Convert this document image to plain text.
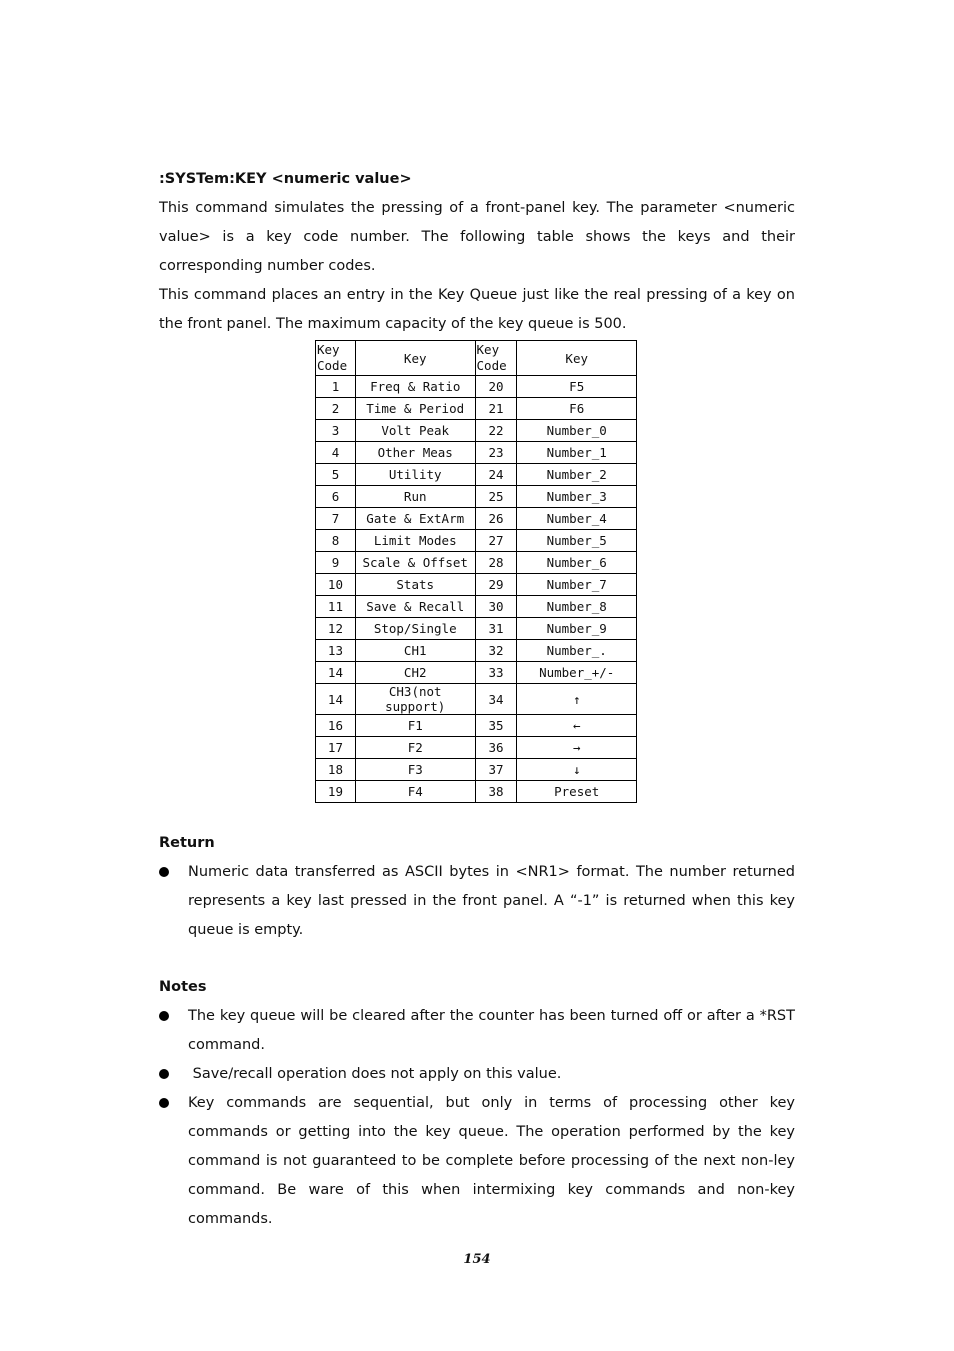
:SYSTem:KEY <numeric value>
This command simulates the pressing of a front-panel key. The parameter <numeric value> is a key code number. The following table shows the keys and their corresponding number codes.
This command places an entry in the Key Queue just like the real pressing of a key on the front panel. The maximum capacity of the key queue is 500.
Key Code	Key	Key Code	Key
1	Freq & Ratio	20	F5
2	Time & Period	21	F6
3	Volt Peak	22	Number_0
4	Other Meas	23	Number_1
5	Utility	24	Number_2
6	Run	25	Number_3
7	Gate & ExtArm	26	Number_4
8	Limit Modes	27	Number_5
9	Scale & Offset	28	Number_6
10	Stats	29	Number_7
11	Save & Recall	30	Number_8
12	Stop/Single	31	Number_9
13	CH1	32	Number_.
14	CH2	33	Number_+/-
14	CH3(not support)	34	↑
16	F1	35	←
17	F2	36	→
18	F3	37	↓
19	F4	38	Preset
Return
Numeric data transferred as ASCII bytes in <NR1> format. The number returned represents a key last pressed in the front panel. A “-1” is returned when this key queue is empty.
Notes
The key queue will be cleared after the counter has been turned off or after a *RST command.
Save/recall operation does not apply on this value.
Key commands are sequential, but only in terms of processing other key commands or getting into the key queue. The operation performed by the key command is not guaranteed to be complete before processing of the next non-ley command. Be ware of this when intermixing key commands and non-key commands.
154
